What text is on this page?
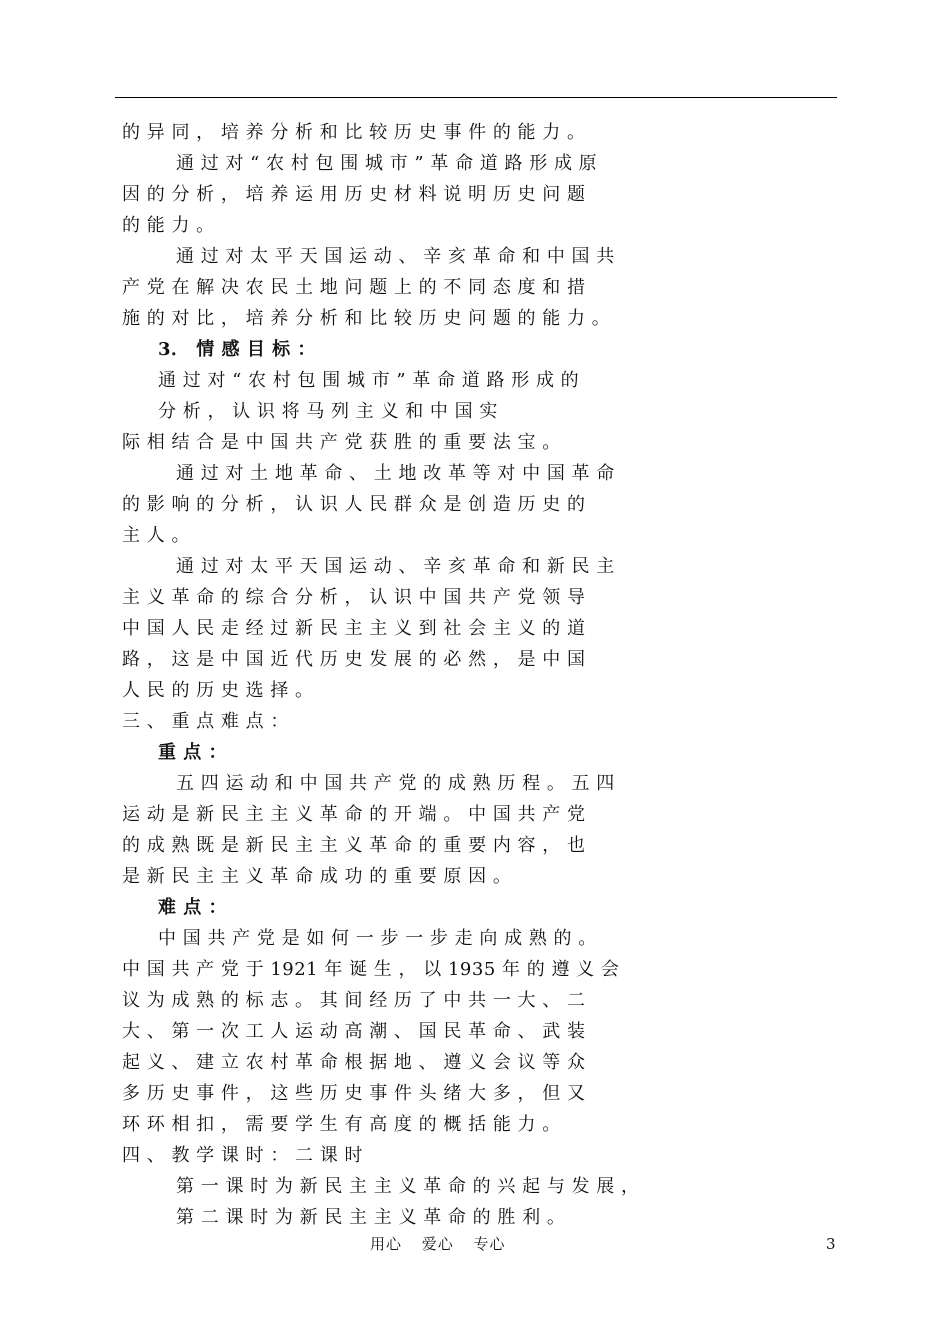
的 异 同 ， 培 养 分 析 和 比 较 历 史 事 件 的 能 力 。
通 过 对 “ 农 村 包 围 城 市 ” 革 命 道 路 形 成 原
因 的 分 析 ， 培 养 运 用 历 史 材 料 说 明 历 史 问 题
的 能 力 。
通 过 对 太 平 天 国 运 动 、 辛 亥 革 命 和 中 国 共
产 党 在 解 决 农 民 土 地 问 题 上 的 不 同 态 度 和 措
施 的 对 比 ， 培 养 分 析 和 比 较 历 史 问 题 的 能 力 。
3． 情 感 目 标 ：
通 过 对 “ 农 村 包 围 城 市 ” 革 命 道 路 形 成 的
分 析 ， 认 识 将 马 列 主 义 和 中 国 实
际 相 结 合 是 中 国 共 产 党 获 胜 的 重 要 法 宝 。
通 过 对 土 地 革 命 、 土 地 改 革 等 对 中 国 革 命
的 影 响 的 分 析 ， 认 识 人 民 群 众 是 创 造 历 史 的
主 人 。
通 过 对 太 平 天 国 运 动 、 辛 亥 革 命 和 新 民 主
主 义 革 命 的 综 合 分 析 ， 认 识 中 国 共 产 党 领 导
中 国 人 民 走 经 过 新 民 主 主 义 到 社 会 主 义 的 道
路 ， 这 是 中 国 近 代 历 史 发 展 的 必 然 ， 是 中 国
人 民 的 历 史 选 择 。
三 、 重 点 难 点 ：
重 点 ：
五 四 运 动 和 中 国 共 产 党 的 成 熟 历 程 。 五 四
运 动 是 新 民 主 主 义 革 命 的 开 端 。 中 国 共 产 党
的 成 熟 既 是 新 民 主 主 义 革 命 的 重 要 内 容 ， 也
是 新 民 主 主 义 革 命 成 功 的 重 要 原 因 。
难 点 ：
中 国 共 产 党 是 如 何 一 步 一 步 走 向 成 熟 的 。
中 国 共 产 党 于 1921 年 诞 生 ， 以 1935 年 的 遵 义 会
议 为 成 熟 的 标 志 。 其 间 经 历 了 中 共 一 大 、 二
大 、 第 一 次 工 人 运 动 高 潮 、 国 民 革 命 、 武 装
起 义 、 建 立 农 村 革 命 根 据 地 、 遵 义 会 议 等 众
多 历 史 事 件 ， 这 些 历 史 事 件 头 绪 大 多 ， 但 又
环 环 相 扣 ， 需 要 学 生 有 高 度 的 概 括 能 力 。
四 、 教 学 课 时 ： 二 课 时
第 一 课 时 为 新 民 主 主 义 革 命 的 兴 起 与 发 展 ，
第 二 课 时 为 新 民 主 主 义 革 命 的 胜 利 。
用心 爱心 专心	3
